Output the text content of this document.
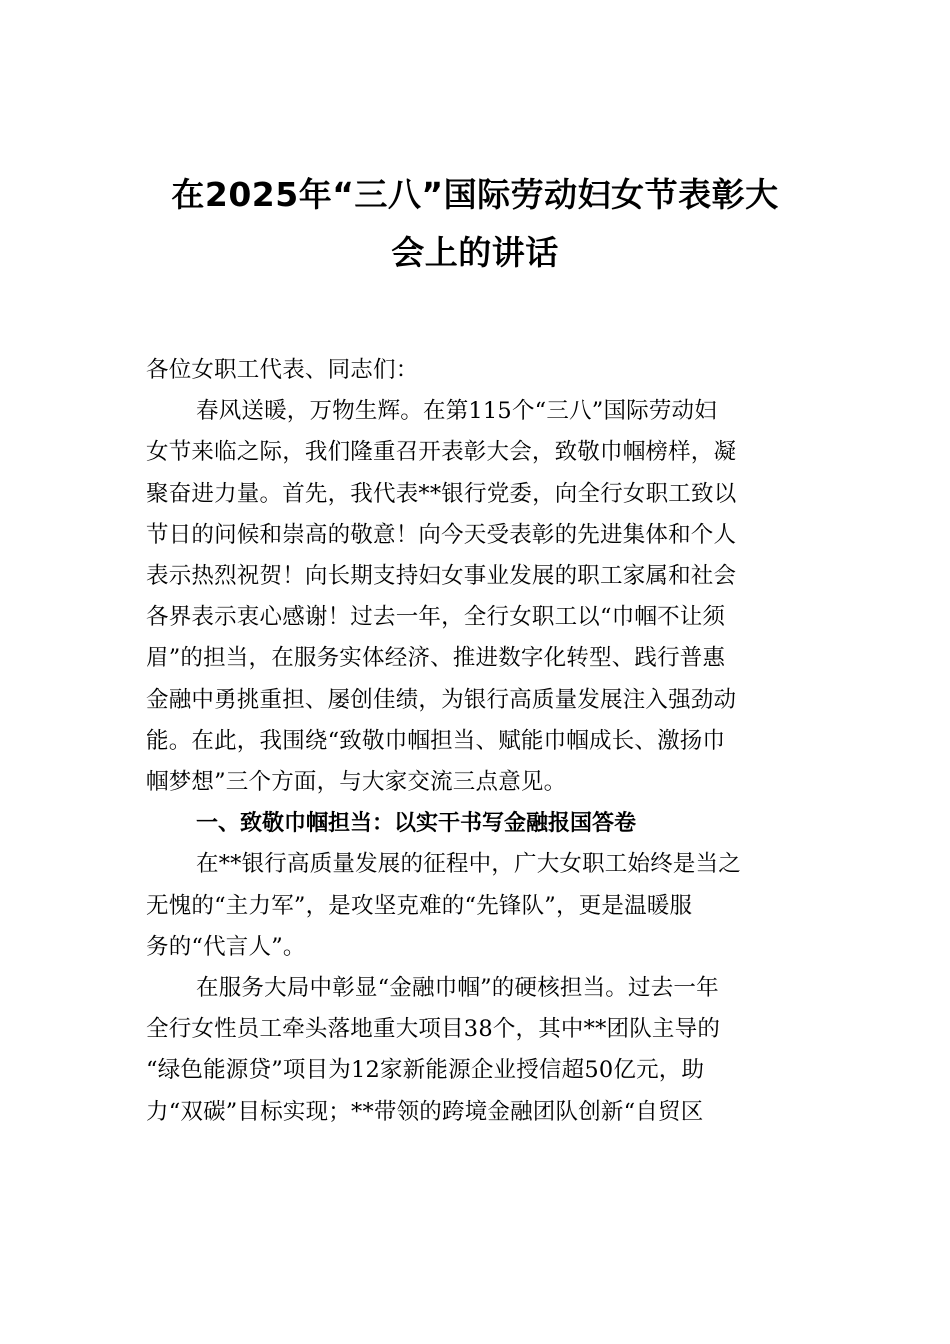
在2025年“三八”国际劳动妇女节表彰大
会上的讲话

各位女职工代表、同志们：

春风送暖，万物生辉。在第115个“三八”国际劳动妇
女节来临之际，我们隆重召开表彰大会，致敬巾帼榜样，凝
聚奋进力量。首先，我代表**银行党委，向全行女职工致以
节日的问候和崇高的敬意！向今天受表彰的先进集体和个人
表示热烈祝贺！向长期支持妇女事业发展的职工家属和社会
各界表示衷心感谢！过去一年，全行女职工以“巾帼不让须
眉”的担当，在服务实体经济、推进数字化转型、践行普惠
金融中勇挑重担、屡创佳绩，为银行高质量发展注入强劲动
能。在此，我围绕“致敬巾帼担当、赋能巾帼成长、激扬巾
帼梦想”三个方面，与大家交流三点意见。

一、致敬巾帼担当：以实干书写金融报国答卷

在**银行高质量发展的征程中，广大女职工始终是当之
无愧的“主力军”，是攻坚克难的“先锋队”，更是温暖服
务的“代言人”。

在服务大局中彰显“金融巾帼”的硬核担当。过去一年
全行女性员工牵头落地重大项目38个，其中**团队主导的
“绿色能源贷”项目为12家新能源企业授信超50亿元，助
力“双碳”目标实现；**带领的跨境金融团队创新“自贸区
